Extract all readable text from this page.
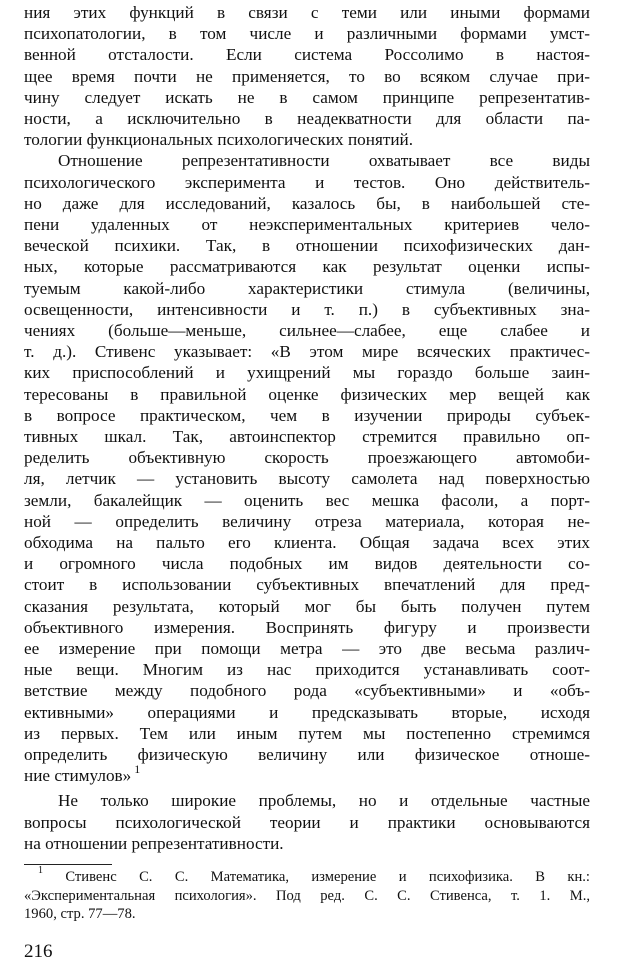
ния этих функций в связи с теми или иными формами
психопатологии, в том числе и различными формами умст-
венной отсталости. Если система Россолимо в настоя-
щее время почти не применяется, то во всяком случае при-
чину следует искать не в самом принципе репрезентатив-
ности, а исключительно в неадекватности для области па-
тологии функциональных психологических понятий.
Отношение репрезентативности охватывает все виды
психологического эксперимента и тестов. Оно действитель-
но даже для исследований, казалось бы, в наибольшей сте-
пени удаленных от неэкспериментальных критериев чело-
веческой психики. Так, в отношении психофизических дан-
ных, которые рассматриваются как результат оценки испы-
туемым какой-либо характеристики стимула (величины,
освещенности, интенсивности и т. п.) в субъективных зна-
чениях (больше—меньше, сильнее—слабее, еще слабее и
т. д.). Стивенс указывает: «В этом мире всяческих практичес-
ких приспособлений и ухищрений мы гораздо больше заин-
тересованы в правильной оценке физических мер вещей как
в вопросе практическом, чем в изучении природы субъек-
тивных шкал. Так, автоинспектор стремится правильно оп-
ределить объективную скорость проезжающего автомоби-
ля, летчик — установить высоту самолета над поверхностью
земли, бакалейщик — оценить вес мешка фасоли, а порт-
ной — определить величину отреза материала, которая не-
обходима на пальто его клиента. Общая задача всех этих
и огромного числа подобных им видов деятельности со-
стоит в использовании субъективных впечатлений для пред-
сказания результата, который мог бы быть получен путем
объективного измерения. Воспринять фигуру и произвести
ее измерение при помощи метра — это две весьма различ-
ные вещи. Многим из нас приходится устанавливать соот-
ветствие между подобного рода «субъективными» и «объ-
ективными» операциями и предсказывать вторые, исходя
из первых. Тем или иным путем мы постепенно стремимся
определить физическую величину или физическое отноше-
ние стимулов» $^1$
Не только широкие проблемы, но и отдельные частные
вопросы психологической теории и практики основываются
на отношении репрезентативности.
$^1$ Стивенс С. С. Математика, измерение и психофизика. В кн.:
«Экспериментальная психология». Под ред. С. С. Стивенса, т. 1. М.,
1960, стр. 77—78.
216
